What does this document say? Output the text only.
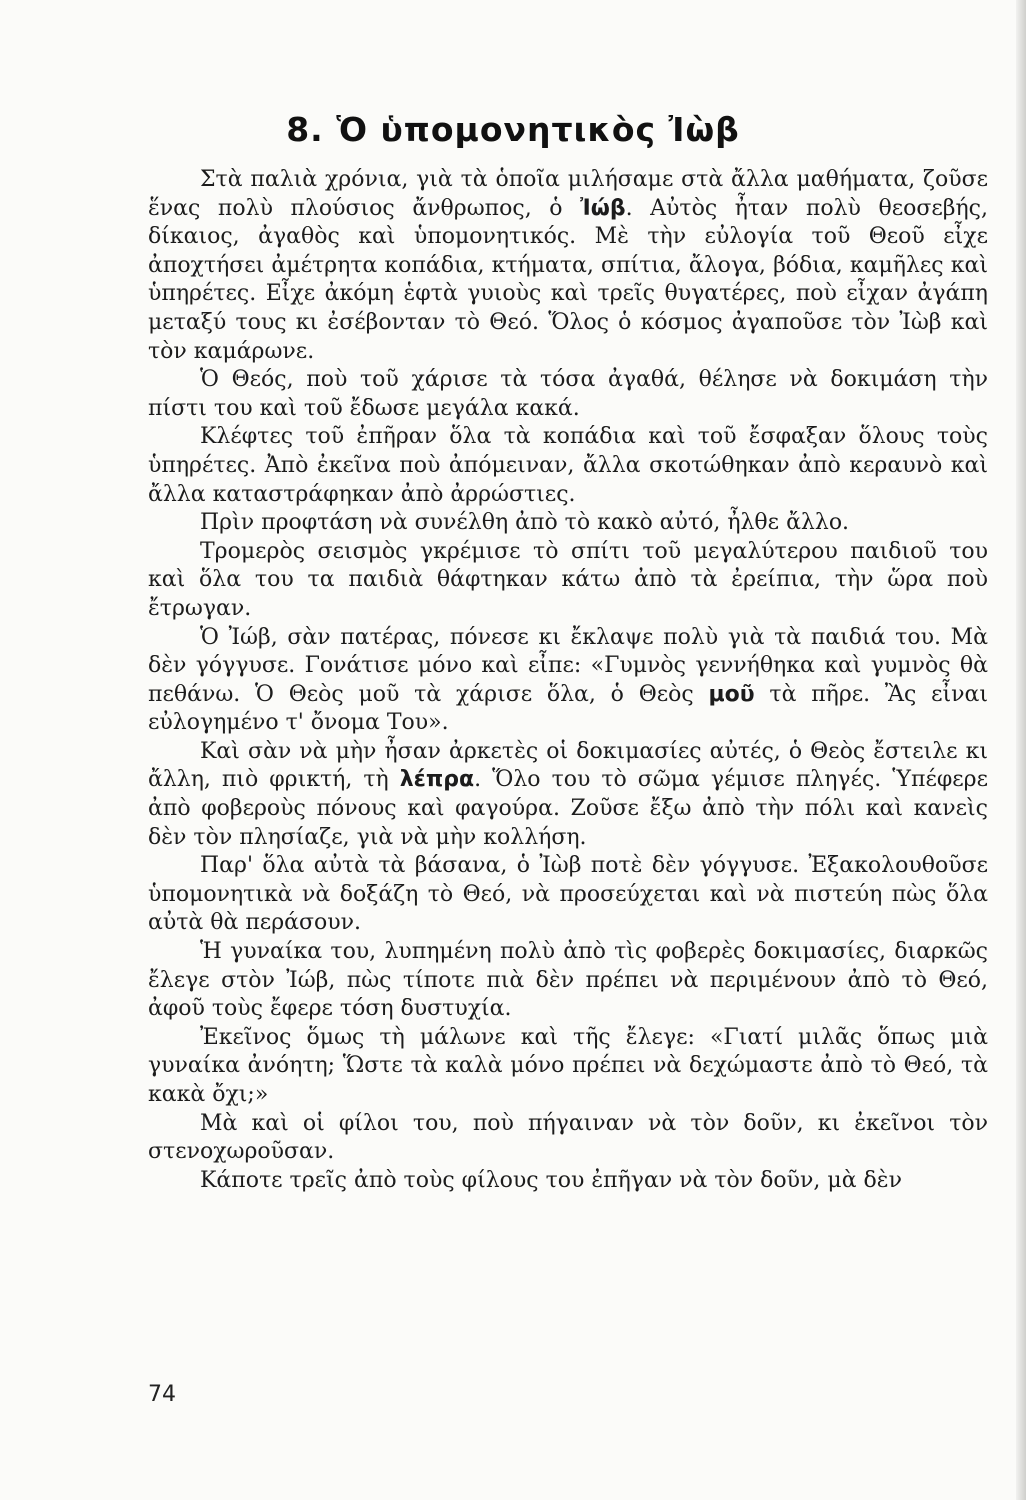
8. Ὁ ὑπομονητικὸς Ἰὼβ

Στὰ παλιὰ χρόνια, γιὰ τὰ ὁποῖα μιλήσαμε στὰ ἄλλα μαθήματα, ζοῦσε ἕνας πολὺ πλούσιος ἄνθρωπος, ὁ Ἰώβ. Αὐτὸς ἦταν πολὺ θεοσεβής, δίκαιος, ἀγαθὸς καὶ ὑπομονητικός. Μὲ τὴν εὐλογία τοῦ Θεοῦ εἶχε ἀποχτήσει ἀμέτρητα κοπάδια, κτήματα, σπίτια, ἄλογα, βόδια, καμῆλες καὶ ὑπηρέτες. Εἶχε ἀκόμη ἑφτὰ γυιοὺς καὶ τρεῖς θυγατέρες, ποὺ εἶχαν ἀγάπη μεταξύ τους κι ἐσέβονταν τὸ Θεό. Ὅλος ὁ κόσμος ἀγαποῦσε τὸν Ἰὼβ καὶ τὸν καμάρωνε.

Ὁ Θεός, ποὺ τοῦ χάρισε τὰ τόσα ἀγαθά, θέλησε νὰ δοκιμάση τὴν πίστι του καὶ τοῦ ἔδωσε μεγάλα κακά.

Κλέφτες τοῦ ἐπῆραν ὅλα τὰ κοπάδια καὶ τοῦ ἔσφαξαν ὅλους τοὺς ὑπηρέτες. Ἀπὸ ἐκεῖνα ποὺ ἀπόμειναν, ἄλλα σκοτώθηκαν ἀπὸ κεραυνὸ καὶ ἄλλα καταστράφηκαν ἀπὸ ἀρρώστιες.

Πρὶν προφτάση νὰ συνέλθη ἀπὸ τὸ κακὸ αὐτό, ἦλθε ἄλλο.

Τρομερὸς σεισμὸς γκρέμισε τὸ σπίτι τοῦ μεγαλύτερου παιδιοῦ του καὶ ὅλα του τα παιδιὰ θάφτηκαν κάτω ἀπὸ τὰ ἐρείπια, τὴν ὥρα ποὺ ἔτρωγαν.

Ὁ Ἰώβ, σὰν πατέρας, πόνεσε κι ἔκλαψε πολὺ γιὰ τὰ παιδιά του. Μὰ δὲν γόγγυσε. Γονάτισε μόνο καὶ εἶπε: «Γυμνὸς γεννήθηκα καὶ γυμνὸς θὰ πεθάνω. Ὁ Θεὸς μοῦ τὰ χάρισε ὅλα, ὁ Θεὸς μοῦ τὰ πῆρε. Ἂς εἶναι εὐλογημένο τ' ὄνομα Του».

Καὶ σὰν νὰ μὴν ἦσαν ἀρκετὲς οἱ δοκιμασίες αὐτές, ὁ Θεὸς ἔστειλε κι ἄλλη, πιὸ φρικτή, τὴ λέπρα. Ὅλο του τὸ σῶμα γέμισε πληγές. Ὑπέφερε ἀπὸ φοβεροὺς πόνους καὶ φαγούρα. Ζοῦσε ἔξω ἀπὸ τὴν πόλι καὶ κανεὶς δὲν τὸν πλησίαζε, γιὰ νὰ μὴν κολλήση.

Παρ' ὅλα αὐτὰ τὰ βάσανα, ὁ Ἰὼβ ποτὲ δὲν γόγγυσε. Ἐξακολουθοῦσε ὑπομονητικὰ νὰ δοξάζη τὸ Θεό, νὰ προσεύχεται καὶ νὰ πιστεύη πὼς ὅλα αὐτὰ θὰ περάσουν.

Ἡ γυναίκα του, λυπημένη πολὺ ἀπὸ τὶς φοβερὲς δοκιμασίες, διαρκῶς ἔλεγε στὸν Ἰώβ, πὼς τίποτε πιὰ δὲν πρέπει νὰ περιμένουν ἀπὸ τὸ Θεό, ἀφοῦ τοὺς ἔφερε τόση δυστυχία.

Ἐκεῖνος ὅμως τὴ μάλωνε καὶ τῆς ἔλεγε: «Γιατί μιλᾶς ὅπως μιὰ γυναίκα ἀνόητη; Ὥστε τὰ καλὰ μόνο πρέπει νὰ δεχώμαστε ἀπὸ τὸ Θεό, τὰ κακὰ ὄχι;»

Μὰ καὶ οἱ φίλοι του, ποὺ πήγαιναν νὰ τὸν δοῦν, κι ἐκεῖνοι τὸν στενοχωροῦσαν.

Κάποτε τρεῖς ἀπὸ τοὺς φίλους του ἐπῆγαν νὰ τὸν δοῦν, μὰ δὲν

74
